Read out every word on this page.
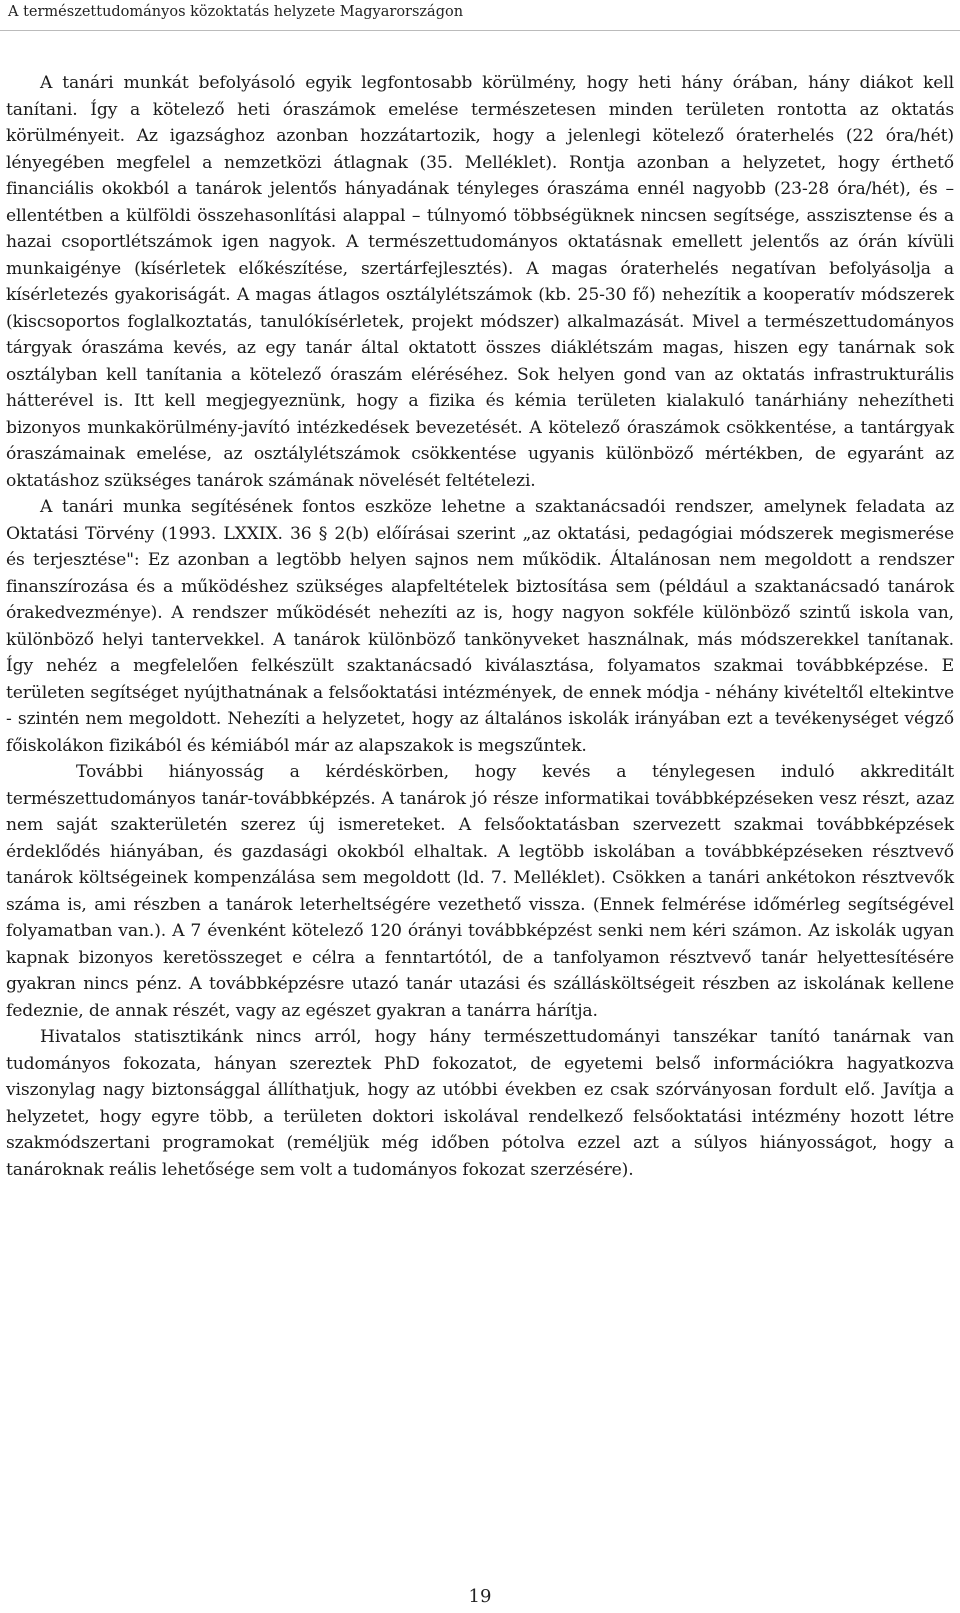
A természettudományos közoktatás helyzete Magyarországon

A tanári munkát befolyásoló egyik legfontosabb körülmény, hogy heti hány órában, hány diákot kell tanítani. Így a kötelező heti óraszámok emelése természetesen minden területen rontotta az oktatás körülményeit. Az igazsághoz azonban hozzátartozik, hogy a jelenlegi kötelező óraterhelés (22 óra/hét) lényegében megfelel a nemzetközi átlagnak (35. Melléklet). Rontja azonban a helyzetet, hogy érthető financiális okokból a tanárok jelentős hányadának tényleges óraszáma ennél nagyobb (23-28 óra/hét), és – ellentétben a külföldi összehasonlítási alappal – túlnyomó többségüknek nincsen segítsége, asszisztense és a hazai csoportlétszámok igen nagyok. A természettudományos oktatásnak emellett jelentős az órán kívüli munkaigénye (kísérletek előkészítése, szertárfejlesztés). A magas óraterhelés negatívan befolyásolja a kísérletezés gyakoriságát. A magas átlagos osztálylétszámok (kb. 25-30 fő) nehezítik a kooperatív módszerek (kiscsoportos foglalkoztatás, tanulókísérletek, projekt módszer) alkalmazását. Mivel a természettudományos tárgyak óraszáma kevés, az egy tanár által oktatott összes diáklétszám magas, hiszen egy tanárnak sok osztályban kell tanítania a kötelező óraszám eléréséhez. Sok helyen gond van az oktatás infrastrukturális hátterével is. Itt kell megjegyeznünk, hogy a fizika és kémia területen kialakuló tanárhiány nehezítheti bizonyos munkakörülmény-javító intézkedések bevezetését. A kötelező óraszámok csökkentése, a tantárgyak óraszámainak emelése, az osztálylétszámok csökkentése ugyanis különböző mértékben, de egyaránt az oktatáshoz szükséges tanárok számának növelését feltételezi.

A tanári munka segítésének fontos eszköze lehetne a szaktanácsadói rendszer, amelynek feladata az Oktatási Törvény (1993. LXXIX. 36 § 2(b) előírásai szerint „az oktatási, pedagógiai módszerek megismerése és terjesztése": Ez azonban a legtöbb helyen sajnos nem működik. Általánosan nem megoldott a rendszer finanszírozása és a működéshez szükséges alapfeltételek biztosítása sem (például a szaktanácsadó tanárok órakedvezménye). A rendszer működését nehezíti az is, hogy nagyon sokféle különböző szintű iskola van, különböző helyi tantervekkel. A tanárok különböző tankönyveket használnak, más módszerekkel tanítanak. Így nehéz a megfelelően felkészült szaktanácsadó kiválasztása, folyamatos szakmai továbbképzése. E területen segítséget nyújthatnának a felsőoktatási intézmények, de ennek módja - néhány kivételtől eltekintve - szintén nem megoldott. Nehezíti a helyzetet, hogy az általános iskolák irányában ezt a tevékenységet végző főiskolákon fizikából és kémiából már az alapszakok is megszűntek.

További hiányosság a kérdéskörben, hogy kevés a ténylegesen induló akkreditált természettudományos tanár-továbbképzés. A tanárok jó része informatikai továbbképzéseken vesz részt, azaz nem saját szakterületén szerez új ismereteket. A felsőoktatásban szervezett szakmai továbbképzések érdeklődés hiányában, és gazdasági okokból elhaltak. A legtöbb iskolában a továbbképzéseken résztvevő tanárok költségeinek kompenzálása sem megoldott (ld. 7. Melléklet). Csökken a tanári ankétokon résztvevők száma is, ami részben a tanárok leterheltségére vezethető vissza. (Ennek felmérése időmérleg segítségével folyamatban van.). A 7 évenként kötelező 120 órányi továbbképzést senki nem kéri számon. Az iskolák ugyan kapnak bizonyos keretösszeget e célra a fenntartótól, de a tanfolyamon résztvevő tanár helyettesítésére gyakran nincs pénz. A továbbképzésre utazó tanár utazási és szállásköltségeit részben az iskolának kellene fedeznie, de annak részét, vagy az egészet gyakran a tanárra hárítja.

Hivatalos statisztikánk nincs arról, hogy hány természettudományi tanszékar tanító tanárnak van tudományos fokozata, hányan szereztek PhD fokozatot, de egyetemi belső információkra hagyatkozva viszonylag nagy biztonsággal állíthatjuk, hogy az utóbbi években ez csak szórványosan fordult elő. Javítja a helyzetet, hogy egyre több, a területen doktori iskolával rendelkező felsőoktatási intézmény hozott létre szakmódszertani programokat (reméljük még időben pótolva ezzel azt a súlyos hiányosságot, hogy a tanároknak reális lehetősége sem volt a tudományos fokozat szerzésére).

19
